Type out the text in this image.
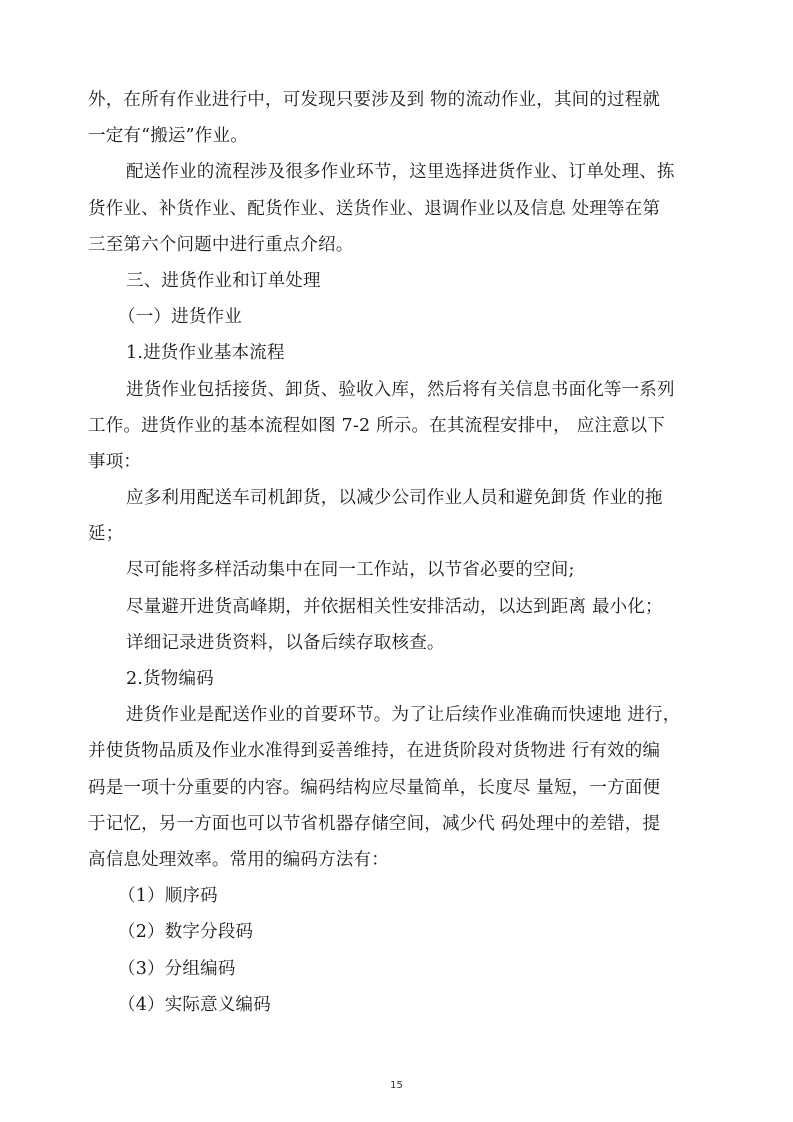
外，在所有作业进行中，可发现只要涉及到 物的流动作业，其间的过程就
一定有“搬运”作业。
配送作业的流程涉及很多作业环节，这里选择进货作业、订单处理、拣
货作业、补货作业、配货作业、送货作业、退调作业以及信息 处理等在第
三至第六个问题中进行重点介绍。
三、进货作业和订单处理
（一）进货作业
1.进货作业基本流程
进货作业包括接货、卸货、验收入库，然后将有关信息书面化等一系列
工作。进货作业的基本流程如图 7-2 所示。在其流程安排中， 应注意以下
事项：
应多利用配送车司机卸货，以减少公司作业人员和避免卸货 作业的拖
延；
尽可能将多样活动集中在同一工作站，以节省必要的空间;
尽量避开进货高峰期，并依据相关性安排活动，以达到距离 最小化；
详细记录进货资料，以备后续存取核查。
2.货物编码
进货作业是配送作业的首要环节。为了让后续作业准确而快速地 进行，
并使货物品质及作业水准得到妥善维持，在进货阶段对货物进 行有效的编
码是一项十分重要的内容。编码结构应尽量简单，长度尽 量短，一方面便
于记忆，另一方面也可以节省机器存储空间，减少代 码处理中的差错，提
高信息处理效率。常用的编码方法有：
（1）顺序码
（2）数字分段码
（3）分组编码
（4）实际意义编码
15
